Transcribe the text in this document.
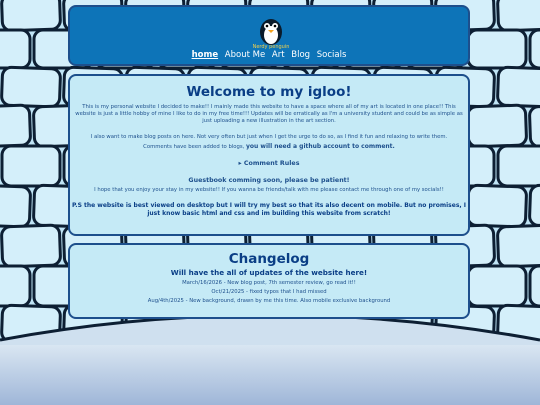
Nerdy penguin
home About Me Art Blog Socials
Welcome to my igloo!

This is my personal website I decided to make!! I mainly made this website to have a space where all of my art is located in one place!! This website is just a little hobby of mine I like to do in my free time!!! Updates will be erratically as I'm a university student and could be as simple as just uploading a new illustration in the art section.

I also want to make blog posts on here. Not very often but just when I get the urge to do so, as I find it fun and relaxing to write them.

Comments have been added to blogs, you will need a github account to comment.

▸ Comment Rules
Guestbook comming soon, please be patient!

I hope that you enjoy your stay in my website!! If you wanna be friends/talk with me please contact me through one of my socials!!

P.S the website is best viewed on desktop but I will try my best so that its also decent on mobile. But no promises, I just know basic html and css and im building this website from scratch!

Changelog
Will have the all of updates of the website here!
March/16/2026 - New blog post, 7th semester review, go read it!!
Oct/21/2025 - fixed typos that I had missed
Aug/4th/2025 - New background, drawn by me this time. Also mobile exclusive background
